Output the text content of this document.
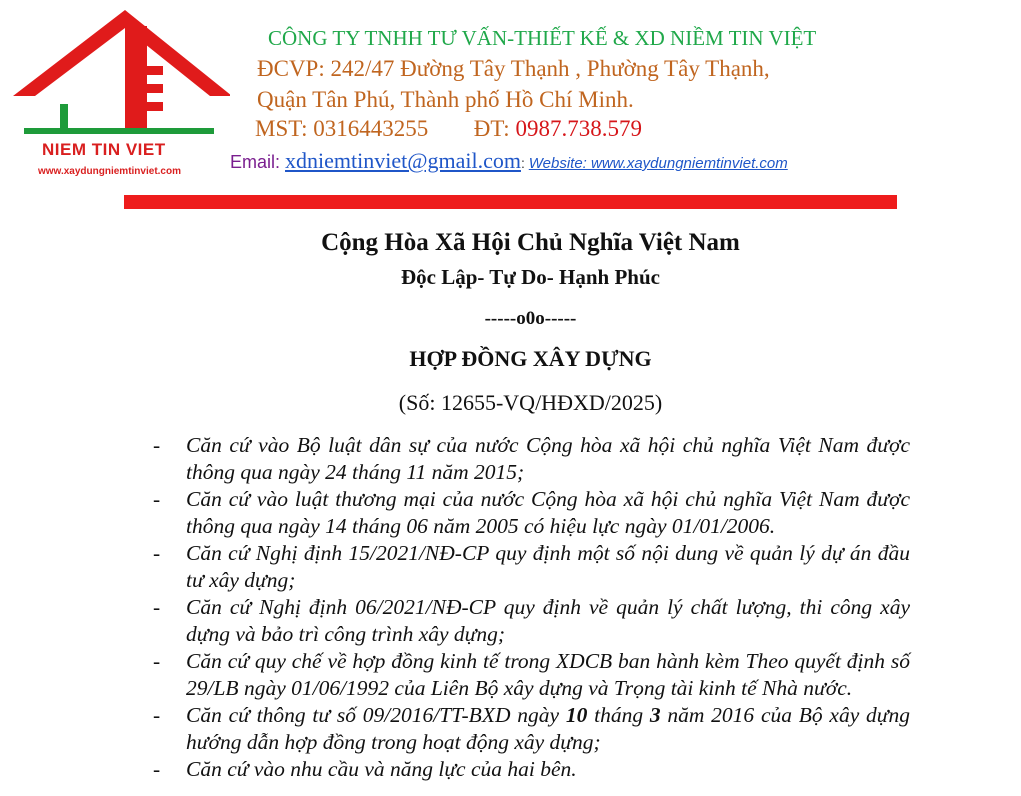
NIEM TIN VIET
www.xaydungniemtinviet.com
CÔNG TY TNHH TƯ VẤN-THIẾT KẾ & XD NIỀM TIN VIỆT
ĐCVP: 242/47 Đường Tây Thạnh , Phường Tây Thạnh,
Quận Tân Phú, Thành phố Hồ Chí Minh.
MST: 0316443255 ĐT: 0987.738.579
Email: xdniemtinviet@gmail.com: Website: www.xaydungniemtinviet.com
Cộng Hòa Xã Hội Chủ Nghĩa Việt Nam
Độc Lập- Tự Do- Hạnh Phúc
-----o0o-----
HỢP ĐỒNG XÂY DỰNG
(Số: 12655-VQ/HĐXD/2025)
- Căn cứ vào Bộ luật dân sự của nước Cộng hòa xã hội chủ nghĩa Việt Nam được thông qua ngày 24 tháng 11 năm 2015;
- Căn cứ vào luật thương mại của nước Cộng hòa xã hội chủ nghĩa Việt Nam được thông qua ngày 14 tháng 06 năm 2005 có hiệu lực ngày 01/01/2006.
- Căn cứ Nghị định 15/2021/NĐ-CP quy định một số nội dung về quản lý dự án đầu tư xây dựng;
- Căn cứ Nghị định 06/2021/NĐ-CP quy định về quản lý chất lượng, thi công xây dựng và bảo trì công trình xây dựng;
- Căn cứ quy chế về hợp đồng kinh tế trong XDCB ban hành kèm Theo quyết định số 29/LB ngày 01/06/1992 của Liên Bộ xây dựng và Trọng tài kinh tế Nhà nước.
- Căn cứ thông tư số 09/2016/TT-BXD ngày 10 tháng 3 năm 2016 của Bộ xây dựng hướng dẫn hợp đồng trong hoạt động xây dựng;
- Căn cứ vào nhu cầu và năng lực của hai bên.
